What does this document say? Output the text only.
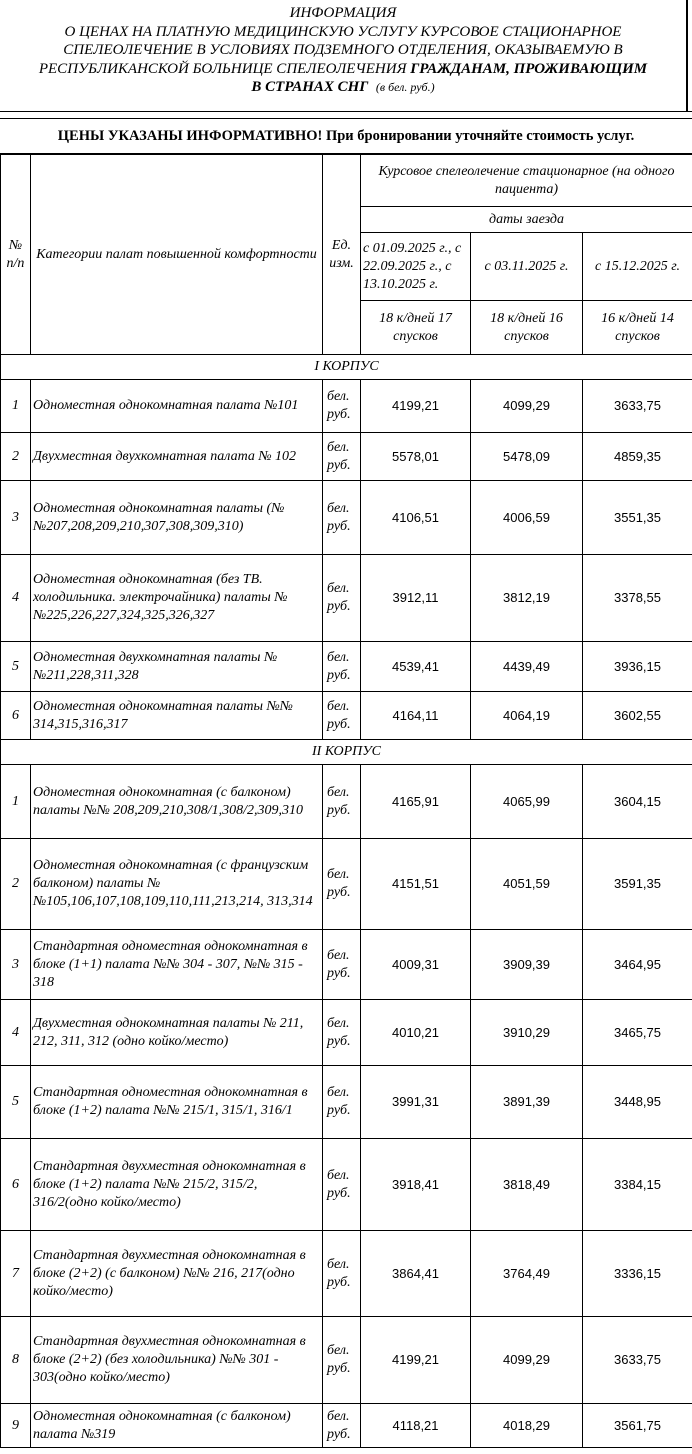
ИНФОРМАЦИЯ
О ЦЕНАХ НА ПЛАТНУЮ МЕДИЦИНСКУЮ УСЛУГУ КУРСОВОЕ СТАЦИОНАРНОЕ
СПЕЛЕОЛЕЧЕНИЕ В УСЛОВИЯХ ПОДЗЕМНОГО ОТДЕЛЕНИЯ, ОКАЗЫВАЕМУЮ В
РЕСПУБЛИКАНСКОЙ БОЛЬНИЦЕ СПЕЛЕОЛЕЧЕНИЯ ГРАЖДАНАМ, ПРОЖИВАЮЩИМ
В СТРАНАХ СНГ (в бел. руб.)
ЦЕНЫ УКАЗАНЫ ИНФОРМАТИВНО! При бронировании уточняйте стоимость услуг.
№ п/п	Категории палат повышенной комфортности	Ед. изм.	Курсовое спелеолечение стационарное (на одного пациента)		
			даты заезда		
			с 01.09.2025 г., с 22.09.2025 г., с 13.10.2025 г.	с 03.11.2025 г.	с 15.12.2025 г.
			18 к/дней 17 спусков	18 к/дней 16 спусков	16 к/дней 14 спусков
I КОРПУС					
1	Одноместная однокомнатная палата №101	бел. руб.	4199,21	4099,29	3633,75
2	Двухместная двухкомнатная палата № 102	бел. руб.	5578,01	5478,09	4859,35
3	Одноместная однокомнатная палаты (№№207,208,209,210,307,308,309,310)	бел. руб.	4106,51	4006,59	3551,35
4	Одноместная однокомнатная (без ТВ. холодильника. электрочайника) палаты №№225,226,227,324,325,326,327	бел. руб.	3912,11	3812,19	3378,55
5	Одноместная двухкомнатная палаты №№211,228,311,328	бел. руб.	4539,41	4439,49	3936,15
6	Одноместная однокомнатная палаты №№ 314,315,316,317	бел. руб.	4164,11	4064,19	3602,55
II КОРПУС					
1	Одноместная однокомнатная (с балконом) палаты №№ 208,209,210,308/1,308/2,309,310	бел. руб.	4165,91	4065,99	3604,15
2	Одноместная однокомнатная (с французским балконом) палаты №№105,106,107,108,109,110,111,213,214, 313,314	бел. руб.	4151,51	4051,59	3591,35
3	Стандартная одноместная однокомнатная в блоке (1+1) палата №№ 304 - 307, №№ 315 - 318	бел. руб.	4009,31	3909,39	3464,95
4	Двухместная однокомнатная палаты № 211, 212, 311, 312 (одно койко/место)	бел. руб.	4010,21	3910,29	3465,75
5	Стандартная одноместная однокомнатная в блоке (1+2) палата №№ 215/1, 315/1, 316/1	бел. руб.	3991,31	3891,39	3448,95
6	Стандартная двухместная однокомнатная в блоке (1+2) палата №№ 215/2, 315/2, 316/2(одно койко/место)	бел. руб.	3918,41	3818,49	3384,15
7	Стандартная двухместная однокомнатная в блоке (2+2) (с балконом) №№ 216, 217(одно койко/место)	бел. руб.	3864,41	3764,49	3336,15
8	Стандартная двухместная однокомнатная в блоке (2+2) (без холодильника) №№ 301 - 303(одно койко/место)	бел. руб.	4199,21	4099,29	3633,75
9	Одноместная однокомнатная (с балконом) палата №319	бел. руб.	4118,21	4018,29	3561,75
